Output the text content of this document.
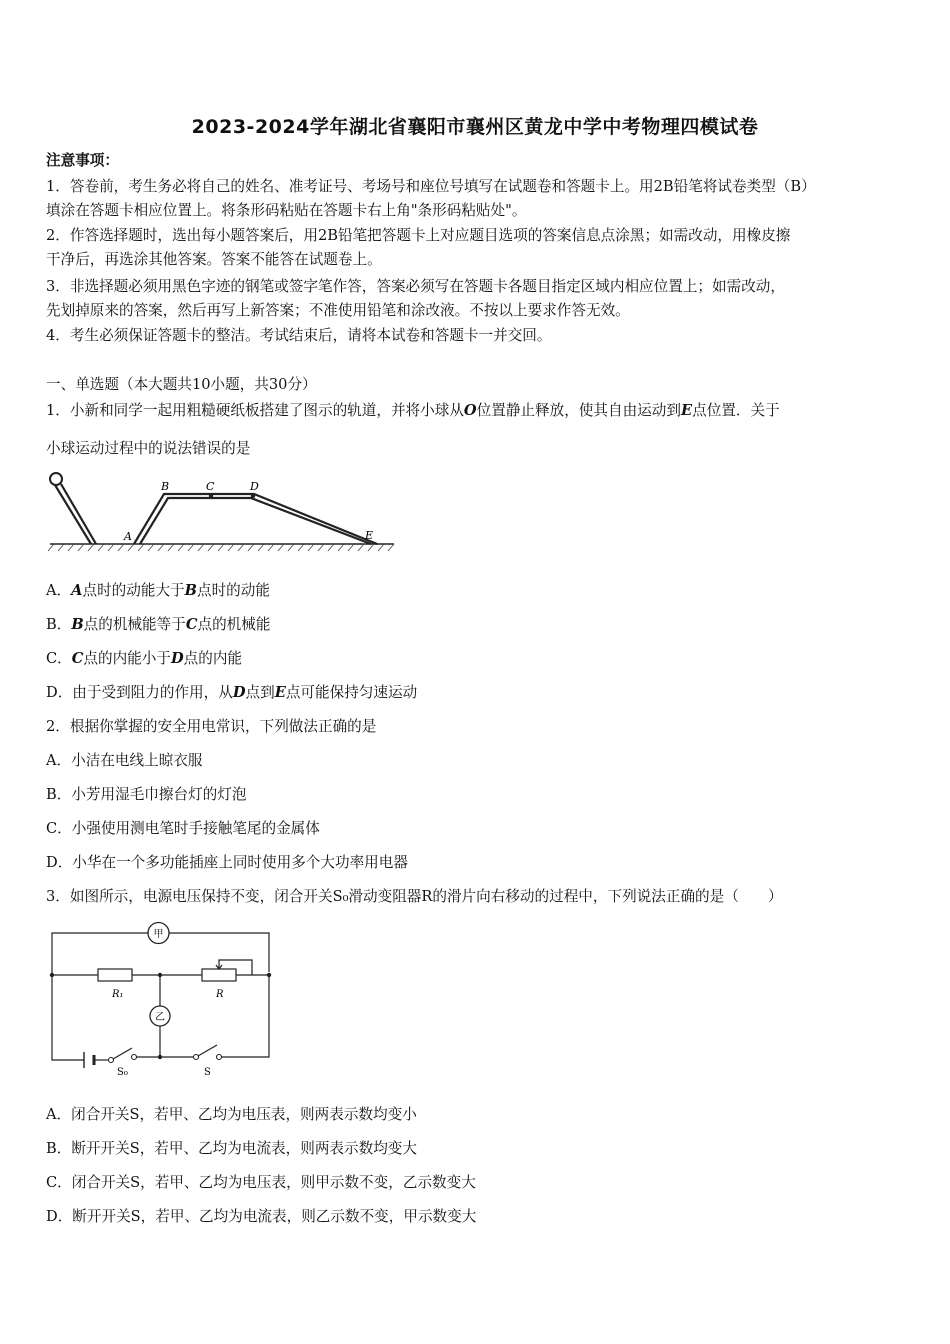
2023-2024学年湖北省襄阳市襄州区黄龙中学中考物理四模试卷
注意事项：
1．答卷前，考生务必将自己的姓名、准考证号、考场号和座位号填写在试题卷和答题卡上。用2B铅笔将试卷类型（B）
填涂在答题卡相应位置上。将条形码粘贴在答题卡右上角"条形码粘贴处"。
2．作答选择题时，选出每小题答案后，用2B铅笔把答题卡上对应题目选项的答案信息点涂黑；如需改动，用橡皮擦
干净后，再选涂其他答案。答案不能答在试题卷上。
3．非选择题必须用黑色字迹的钢笔或签字笔作答，答案必须写在答题卡各题目指定区域内相应位置上；如需改动，
先划掉原来的答案，然后再写上新答案；不准使用铅笔和涂改液。不按以上要求作答无效。
4．考生必须保证答题卡的整洁。考试结束后，请将本试卷和答题卡一并交回。
一、单选题（本大题共10小题，共30分）
1．小新和同学一起用粗糙硬纸板搭建了图示的轨道，并将小球从O位置静止释放，使其自由运动到E点位置．关于
小球运动过程中的说法错误的是
A
B	C	D
E
A．A点时的动能大于B点时的动能
B．B点的机械能等于C点的机械能
C．C点的内能小于D点的内能
D．由于受到阻力的作用，从D点到E点可能保持匀速运动
2．根据你掌握的安全用电常识，下列做法正确的是
A．小洁在电线上晾衣服
B．小芳用湿毛巾擦台灯的灯泡
C．小强使用测电笔时手接触笔尾的金属体
D．小华在一个多功能插座上同时使用多个大功率用电器
3．如图所示，电源电压保持不变，闭合开关S₀滑动变阻器R的滑片向右移动的过程中，下列说法正确的是（　　）
甲
乙
R₁	R
S₀	S
A．闭合开关S，若甲、乙均为电压表，则两表示数均变小
B．断开开关S，若甲、乙均为电流表，则两表示数均变大
C．闭合开关S，若甲、乙均为电压表，则甲示数不变，乙示数变大
D．断开开关S，若甲、乙均为电流表，则乙示数不变，甲示数变大
